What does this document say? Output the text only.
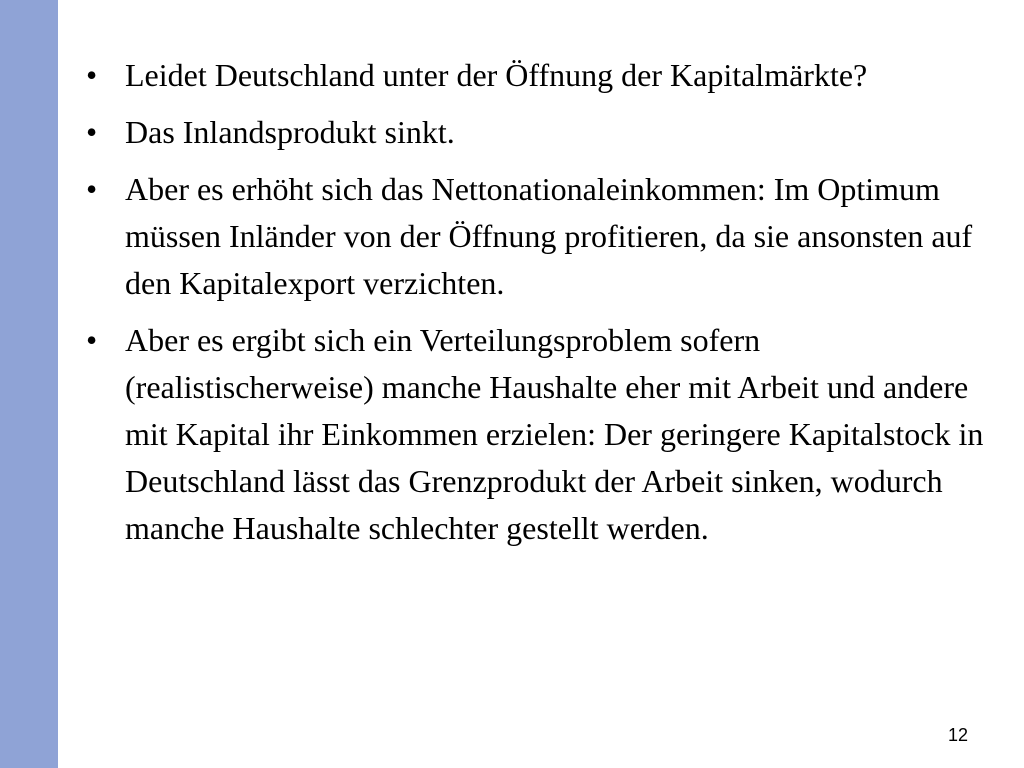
• Leidet Deutschland unter der Öffnung der Kapitalmärkte?
• Das Inlandsprodukt sinkt.
• Aber es erhöht sich das Nettonationaleinkommen: Im Optimum müssen Inländer von der Öffnung profitieren, da sie ansonsten auf den Kapitalexport verzichten.
• Aber es ergibt sich ein Verteilungsproblem sofern (realistischerweise) manche Haushalte eher mit Arbeit und andere mit Kapital ihr Einkommen erzielen: Der geringere Kapitalstock in Deutschland lässt das Grenzprodukt der Arbeit sinken, wodurch manche Haushalte schlechter gestellt werden.
12
